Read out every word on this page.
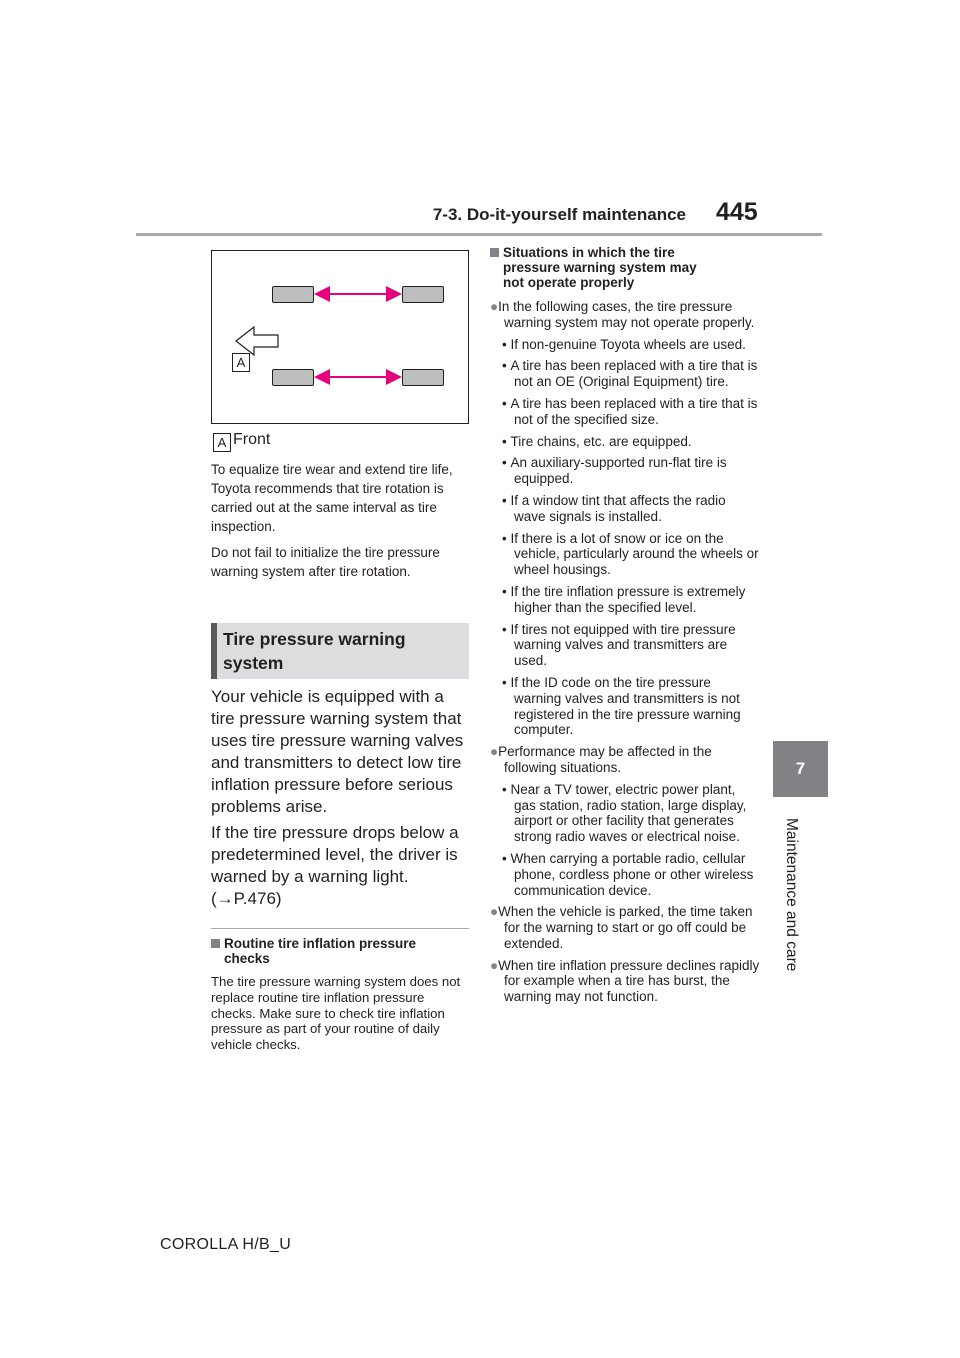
7-3. Do-it-yourself maintenance 445
7
Maintenance and care
A
A Front
To equalize tire wear and extend tire life, Toyota recommends that tire rotation is carried out at the same interval as tire inspection.
Do not fail to initialize the tire pressure warning system after tire rotation.
Tire pressure warning
system
Your vehicle is equipped with a tire pressure warning system that uses tire pressure warning valves and transmitters to detect low tire inflation pressure before serious problems arise.
If the tire pressure drops below a predetermined level, the driver is warned by a warning light. (→P.476)
Routine tire inflation pressure
checks
The tire pressure warning system does not replace routine tire inflation pressure checks. Make sure to check tire inflation pressure as part of your routine of daily vehicle checks.
Situations in which the tire
pressure warning system may
not operate properly

●In the following cases, the tire pressure warning system may not operate properly.

• If non-genuine Toyota wheels are used.

• A tire has been replaced with a tire that is not an OE (Original Equipment) tire.

• A tire has been replaced with a tire that is not of the specified size.

• Tire chains, etc. are equipped.

• An auxiliary-supported run-flat tire is equipped.

• If a window tint that affects the radio wave signals is installed.

• If there is a lot of snow or ice on the vehicle, particularly around the wheels or wheel housings.

• If the tire inflation pressure is extremely higher than the specified level.

• If tires not equipped with tire pressure warning valves and transmitters are used.

• If the ID code on the tire pressure warning valves and transmitters is not registered in the tire pressure warning computer.

●Performance may be affected in the following situations.

• Near a TV tower, electric power plant, gas station, radio station, large display, airport or other facility that generates strong radio waves or electrical noise.

• When carrying a portable radio, cellular phone, cordless phone or other wireless communication device.

●When the vehicle is parked, the time taken for the warning to start or go off could be extended.

●When tire inflation pressure declines rapidly for example when a tire has burst, the warning may not function.

COROLLA H/B_U
